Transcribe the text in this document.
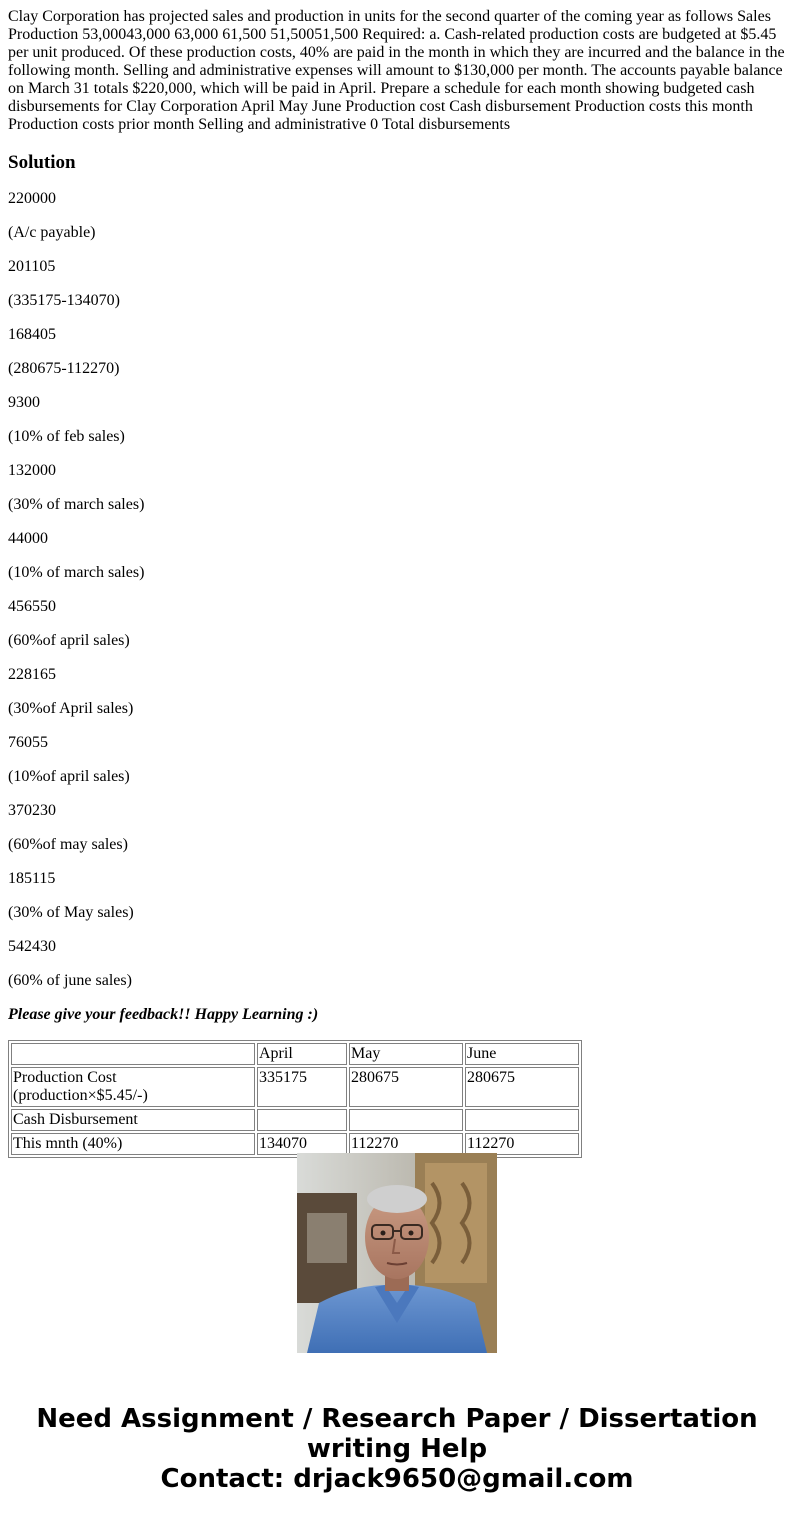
Clay Corporation has projected sales and production in units for the second quarter of the coming year as follows Sales Production 53,00043,000 63,000 61,500 51,50051,500 Required: a. Cash-related production costs are budgeted at $5.45 per unit produced. Of these production costs, 40% are paid in the month in which they are incurred and the balance in the following month. Selling and administrative expenses will amount to $130,000 per month. The accounts payable balance on March 31 totals $220,000, which will be paid in April. Prepare a schedule for each month showing budgeted cash disbursements for Clay Corporation April May June Production cost Cash disbursement Production costs this month Production costs prior month Selling and administrative 0 Total disbursements
Solution

220000

(A/c payable)

201105

(335175-134070)

168405

(280675-112270)

9300

(10% of feb sales)

132000

(30% of march sales)

44000

(10% of march sales)

456550

(60%of april sales)

228165

(30%of April sales)

76055

(10%of april sales)

370230

(60%of may sales)

185115

(30% of May sales)

542430

(60% of june sales)

Please give your feedback!! Happy Learning :)
	April	May	June
Production Cost (production×$5.45/-)	335175	280675	280675
Cash Disbursement			
This mnth (40%)	134070	112270	112270
Need Assignment / Research Paper / Dissertation writing Help
Contact: drjack9650@gmail.com
